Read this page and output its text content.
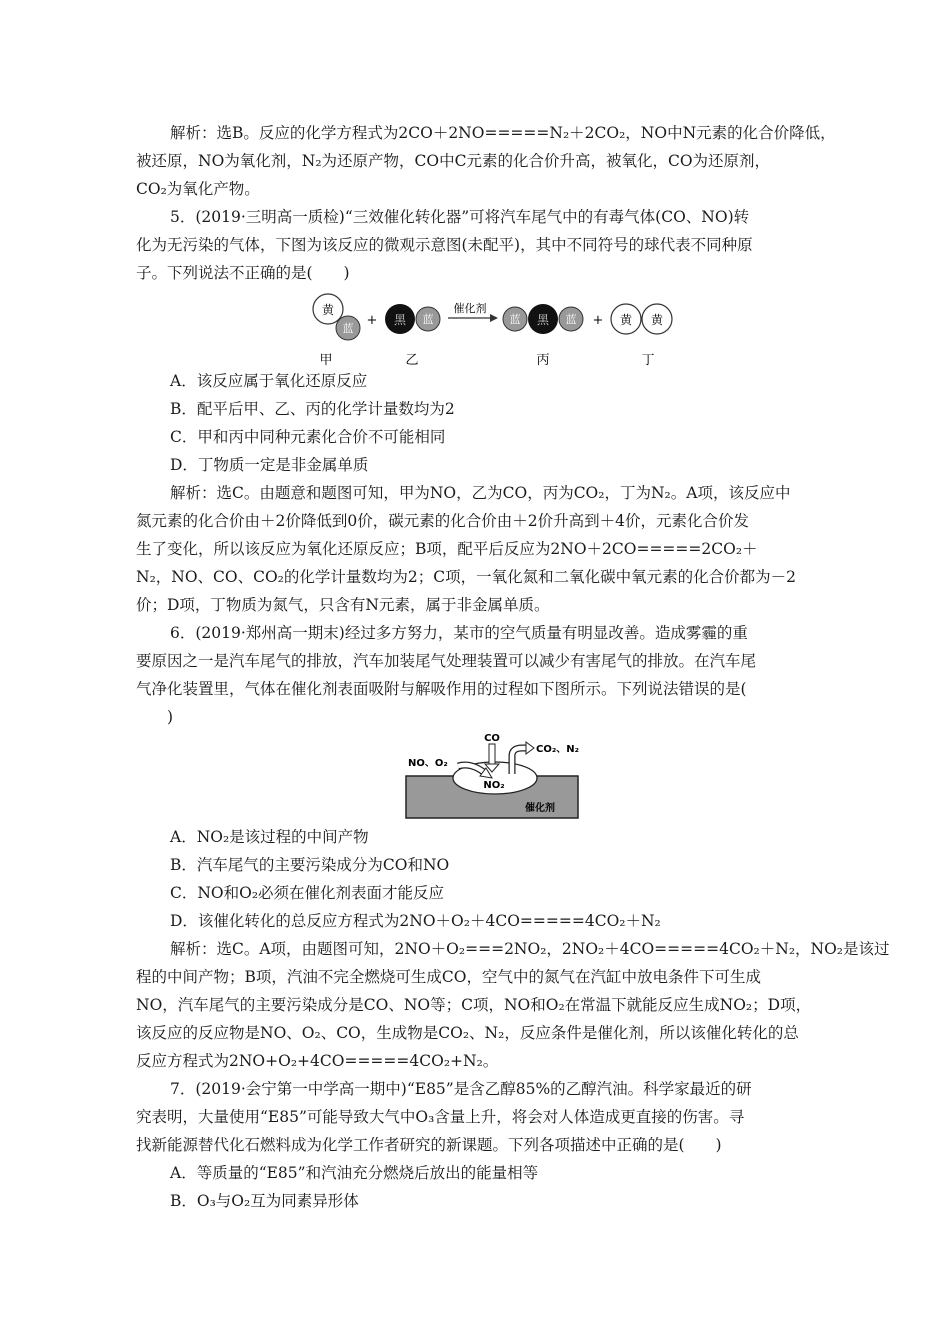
解析：选B。反应的化学方程式为2CO＋2NO=====N₂＋2CO₂，NO中N元素的化合价降低，
被还原，NO为氧化剂，N₂为还原产物，CO中C元素的化合价升高，被氧化，CO为还原剂，
CO₂为氧化产物。
5．(2019·三明高一质检)“三效催化转化器”可将汽车尾气中的有毒气体(CO、NO)转
化为无污染的气体，下图为该反应的微观示意图(未配平)，其中不同符号的球代表不同种原
子。下列说法不正确的是(　　)
黄
蓝
+ 黑 蓝
催化剂
蓝 黑 蓝 + 黄 黄
甲	乙	丙	丁
A．该反应属于氧化还原反应
B．配平后甲、乙、丙的化学计量数均为2
C．甲和丙中同种元素化合价不可能相同
D．丁物质一定是非金属单质
解析：选C。由题意和题图可知，甲为NO，乙为CO，丙为CO₂，丁为N₂。A项，该反应中
氮元素的化合价由＋2价降低到0价，碳元素的化合价由＋2价升高到＋4价，元素化合价发
生了变化，所以该反应为氧化还原反应；B项，配平后反应为2NO＋2CO=====2CO₂＋
N₂，NO、CO、CO₂的化学计量数均为2；C项，一氧化氮和二氧化碳中氧元素的化合价都为－2
价；D项，丁物质为氮气，只含有N元素，属于非金属单质。
6．(2019·郑州高一期末)经过多方努力，某市的空气质量有明显改善。造成雾霾的重
要原因之一是汽车尾气的排放，汽车加装尾气处理装置可以减少有害尾气的排放。在汽车尾
气净化装置里，气体在催化剂表面吸附与解吸作用的过程如下图所示。下列说法错误的是(
　　)
CO
NO、O₂
CO₂、N₂
NO₂
催化剂
A．NO₂是该过程的中间产物
B．汽车尾气的主要污染成分为CO和NO
C．NO和O₂必须在催化剂表面才能反应
D．该催化转化的总反应方程式为2NO＋O₂＋4CO=====4CO₂＋N₂
解析：选C。A项，由题图可知，2NO＋O₂===2NO₂，2NO₂＋4CO=====4CO₂＋N₂，NO₂是该过
程的中间产物；B项，汽油不完全燃烧可生成CO，空气中的氮气在汽缸中放电条件下可生成
NO，汽车尾气的主要污染成分是CO、NO等；C项，NO和O₂在常温下就能反应生成NO₂；D项，
该反应的反应物是NO、O₂、CO，生成物是CO₂、N₂，反应条件是催化剂，所以该催化转化的总
反应方程式为2NO+O₂+4CO=====4CO₂+N₂。
7．(2019·会宁第一中学高一期中)“E85”是含乙醇85%的乙醇汽油。科学家最近的研
究表明，大量使用“E85”可能导致大气中O₃含量上升，将会对人体造成更直接的伤害。寻
找新能源替代化石燃料成为化学工作者研究的新课题。下列各项描述中正确的是(　　)
A．等质量的“E85”和汽油充分燃烧后放出的能量相等
B．O₃与O₂互为同素异形体
